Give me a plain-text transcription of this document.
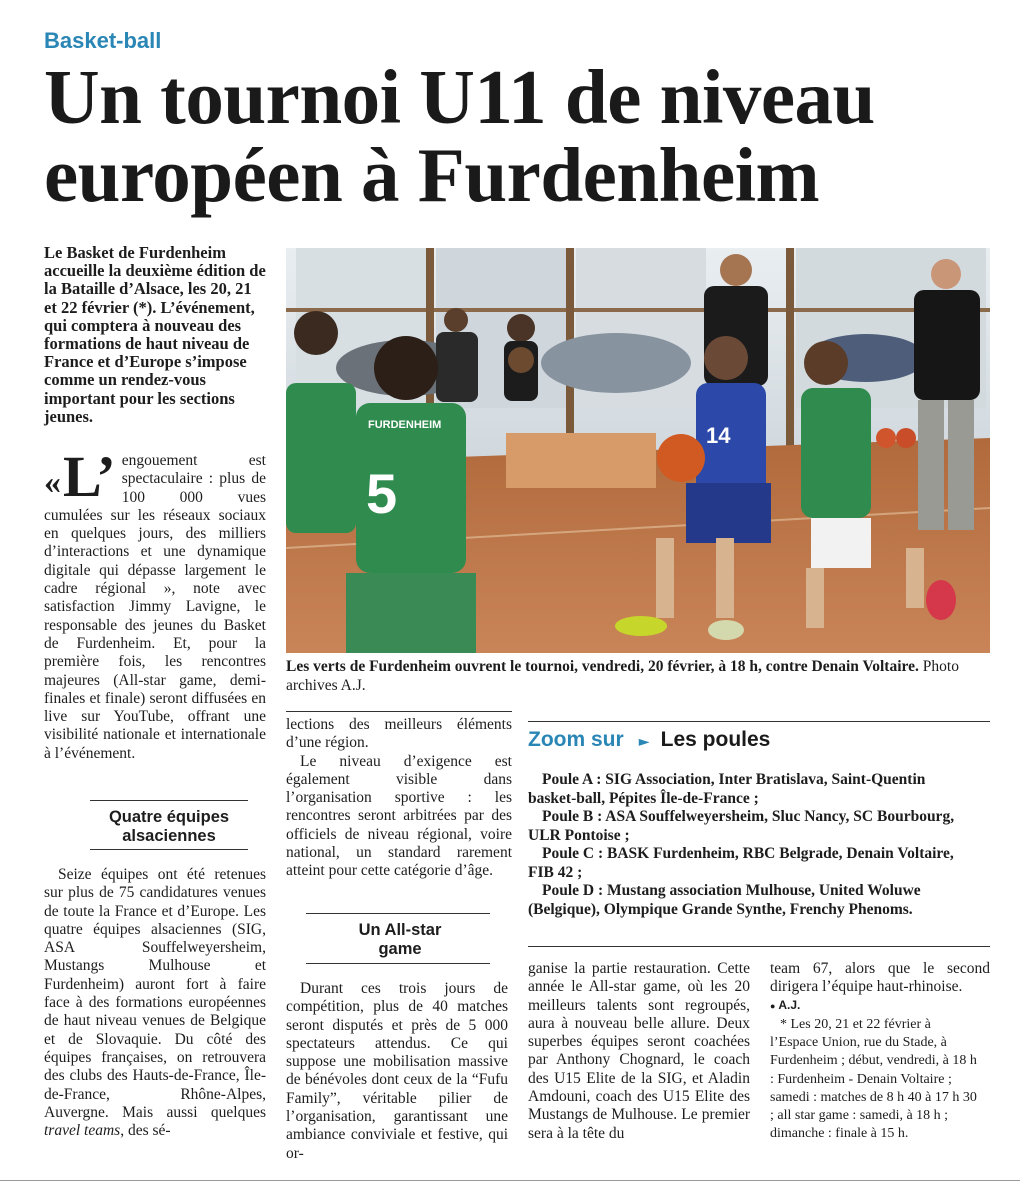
Basket-ball
Un tournoi U11 de niveau
européen à Furdenheim
Le Basket de Furdenheim accueille la deuxième édition de la Bataille d’Alsace, les 20, 21 et 22 février (*). L’événement, qui comptera à nouveau des formations de haut niveau de France et d’Europe s’impose comme un rendez-vous important pour les sections jeunes.
«L’ engouement est spectaculaire : plus de 100 000 vues cumulées sur les réseaux sociaux en quelques jours, des milliers d’interactions et une dynamique digitale qui dépasse largement le cadre régional », note avec satisfaction Jimmy Lavigne, le responsable des jeunes du Basket de Furdenheim. Et, pour la première fois, les rencontres majeures (All-star game, demi-finales et finale) seront diffusées en live sur YouTube, offrant une visibilité nationale et internationale à l’événement.
Quatre équipes alsaciennes
Seize équipes ont été retenues sur plus de 75 candidatures venues de toute la France et d’Europe. Les quatre équipes alsaciennes (SIG, ASA Souffelweyersheim, Mustangs Mulhouse et Furdenheim) auront fort à faire face à des formations européennes de haut niveau venues de Belgique et de Slovaquie. Du côté des équipes françaises, on retrouvera des clubs des Hauts-de-France, Île-de-France, Rhône-Alpes, Auvergne. Mais aussi quelques travel teams, des sé-
5
FURDENHEIM	14
Les verts de Furdenheim ouvrent le tournoi, vendredi, 20 février, à 18 h, contre Denain Voltaire. Photo archives A.J.
lections des meilleurs éléments d’une région.
Le niveau d’exigence est également visible dans l’organisation sportive : les rencontres seront arbitrées par des officiels de niveau régional, voire national, un standard rarement atteint pour cette catégorie d’âge.
Un All-star game
Durant ces trois jours de compétition, plus de 40 matches seront disputés et près de 5 000 spectateurs attendus. Ce qui suppose une mobilisation massive de bénévoles dont ceux de la “Fufu Family”, véritable pilier de l’organisation, garantissant une ambiance conviviale et festive, qui or-
Zoom sur ► Les poules
Poule A : SIG Association, Inter Bratislava, Saint-Quentin basket-ball, Pépites Île-de-France ;
Poule B : ASA Souffelweyersheim, Sluc Nancy, SC Bourbourg, ULR Pontoise ;
Poule C : BASK Furdenheim, RBC Belgrade, Denain Voltaire, FIB 42 ;
Poule D : Mustang association Mulhouse, United Woluwe (Belgique), Olympique Grande Synthe, Frenchy Phenoms.
ganise la partie restauration. Cette année le All-star game, où les 20 meilleurs talents sont regroupés, aura à nouveau belle allure. Deux superbes équipes seront coachées par Anthony Chognard, le coach des U15 Elite de la SIG, et Aladin Amdouni, coach des U15 Elite des Mustangs de Mulhouse. Le premier sera à la tête du
team 67, alors que le second dirigera l’équipe haut-rhinoise.
● A.J.
* Les 20, 21 et 22 février à l’Espace Union, rue du Stade, à Furdenheim ; début, vendredi, à 18 h : Furdenheim - Denain Voltaire ; samedi : matches de 8 h 40 à 17 h 30 ; all star game : samedi, à 18 h ; dimanche : finale à 15 h.
